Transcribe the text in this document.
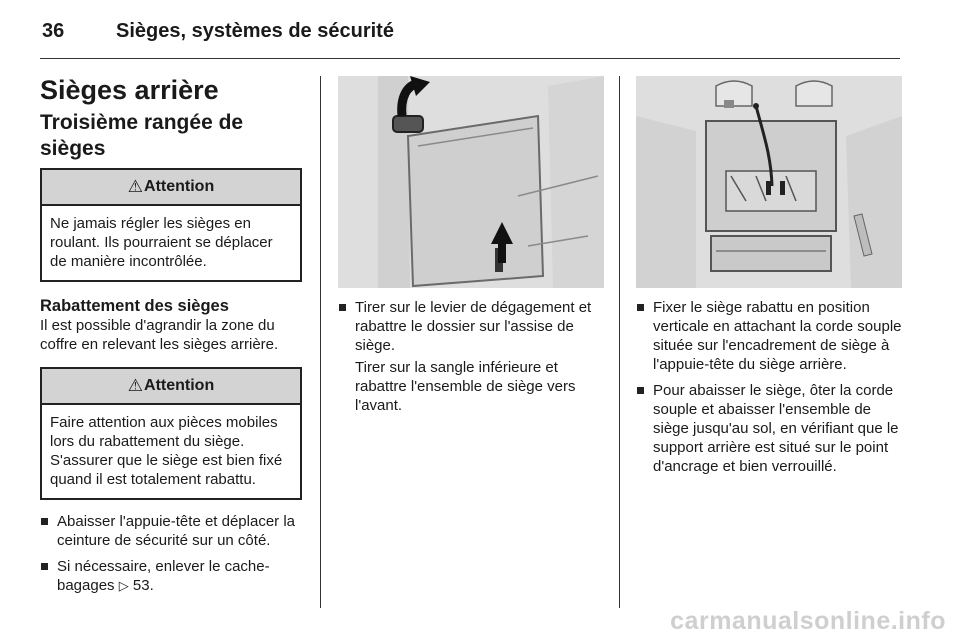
36	Sièges, systèmes de sécurité
Sièges arrière
Troisième rangée de sièges
⚠ Attention
Ne jamais régler les sièges en roulant. Ils pourraient se déplacer de manière incontrôlée.
Rabattement des sièges

Il est possible d'agrandir la zone du coffre en relevant les sièges arrière.

⚠ Attention
Faire attention aux pièces mobiles lors du rabattement du siège. S'assurer que le siège est bien fixé quand il est totalement rabattu.
Abaisser l'appuie-tête et déplacer la ceinture de sécurité sur un côté.
Si nécessaire, enlever le cache-bagages ▷ 53.
Tirer sur le levier de dégagement et rabattre le dossier sur l'assise de siège.

Tirer sur la sangle inférieure et rabattre l'ensemble de siège vers l'avant.

Fixer le siège rabattu en position verticale en attachant la corde souple située sur l'encadrement de siège à l'appuie-tête du siège arrière.
Pour abaisser le siège, ôter la corde souple et abaisser l'ensemble de siège jusqu'au sol, en vérifiant que le support arrière est situé sur le point d'ancrage et bien verrouillé.
carmanualsonline.info
